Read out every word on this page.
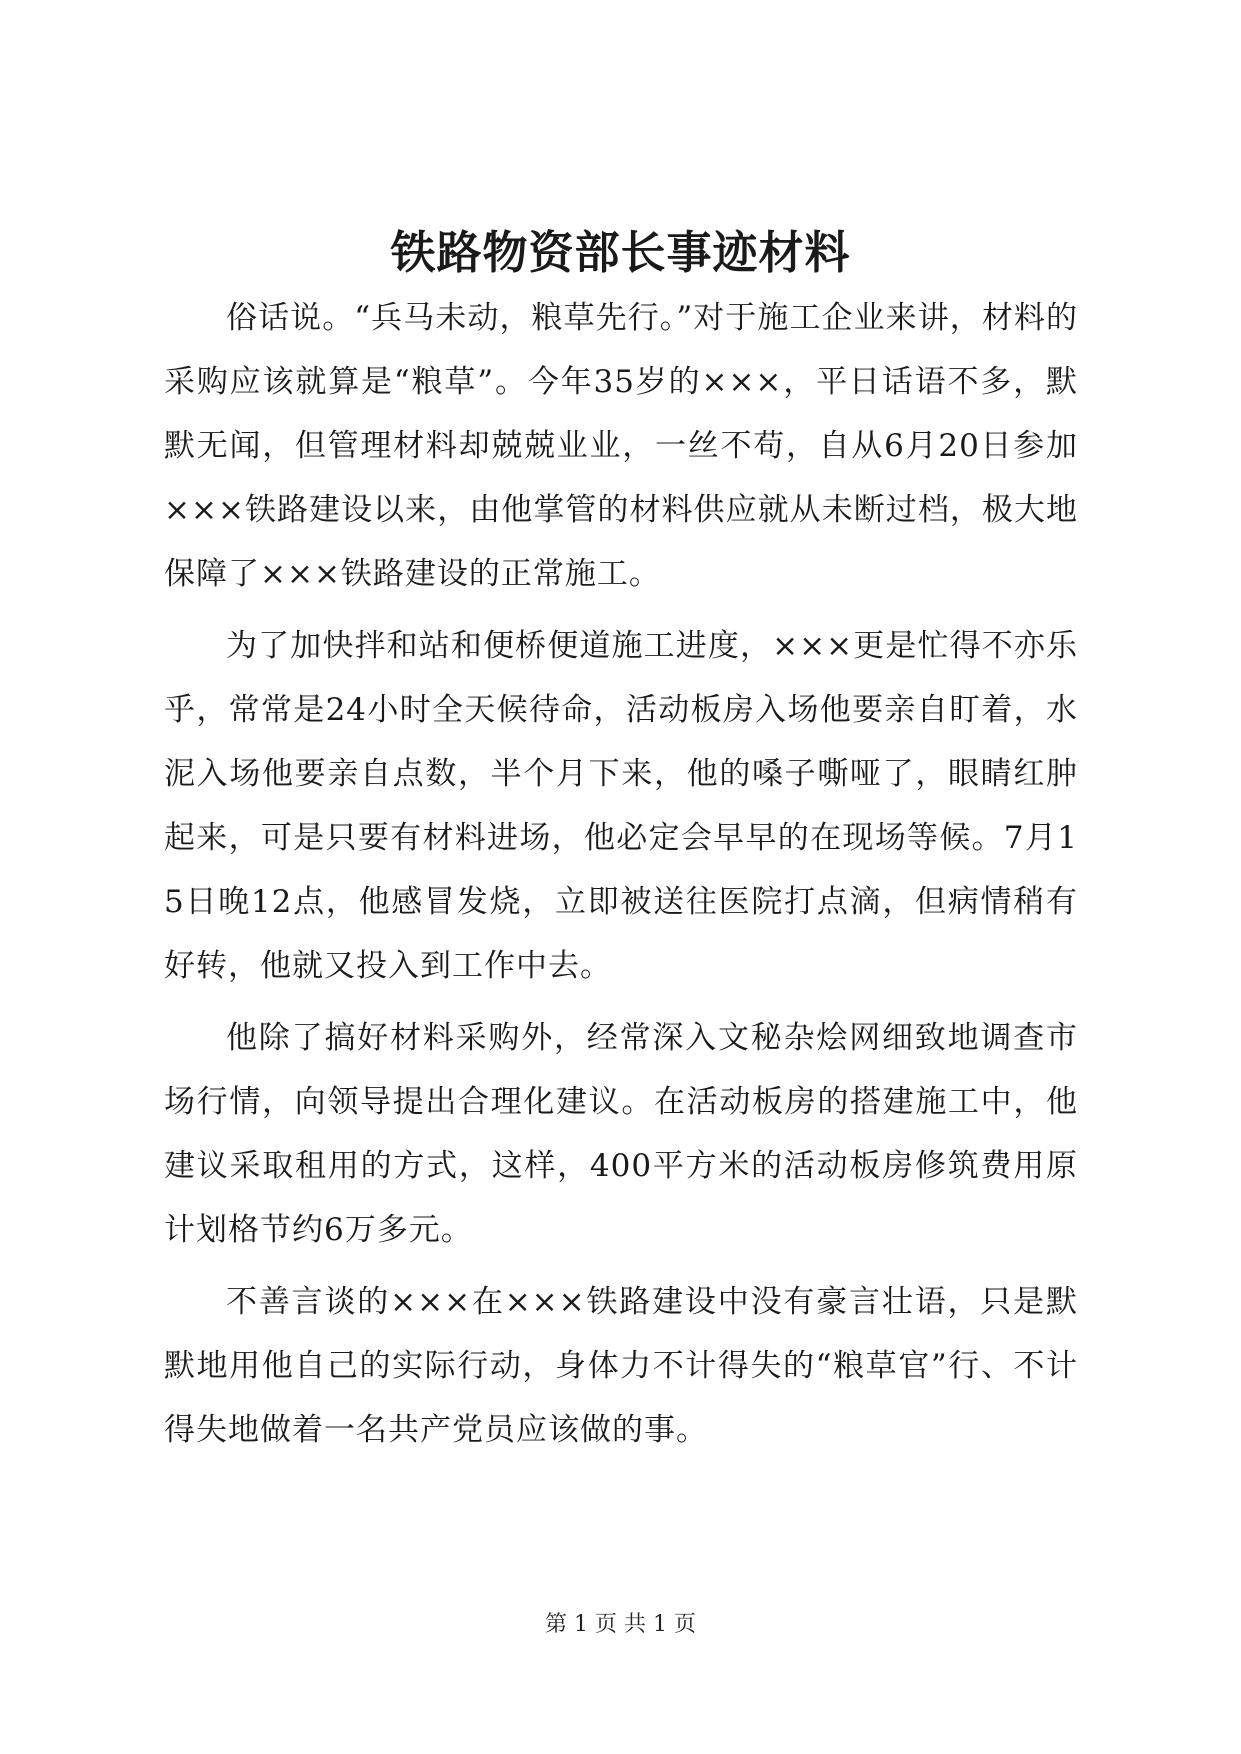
铁路物资部长事迹材料

俗话说。“兵马未动，粮草先行。”对于施工企业来讲，材料的采购应该就算是“粮草”。今年35岁的×××，平日话语不多，默默无闻，但管理材料却兢兢业业，一丝不苟，自从6月20日参加×××铁路建设以来，由他掌管的材料供应就从未断过档，极大地保障了×××铁路建设的正常施工。

为了加快拌和站和便桥便道施工进度，×××更是忙得不亦乐乎，常常是24小时全天候待命，活动板房入场他要亲自盯着，水泥入场他要亲自点数，半个月下来，他的嗓子嘶哑了，眼睛红肿起来，可是只要有材料进场，他必定会早早的在现场等候。7月15日晚12点，他感冒发烧，立即被送往医院打点滴，但病情稍有好转，他就又投入到工作中去。

他除了搞好材料采购外，经常深入文秘杂烩网细致地调查市场行情，向领导提出合理化建议。在活动板房的搭建施工中，他建议采取租用的方式，这样，400平方米的活动板房修筑费用原计划格节约6万多元。

不善言谈的×××在×××铁路建设中没有豪言壮语，只是默默地用他自己的实际行动，身体力不计得失的“粮草官”行、不计得失地做着一名共产党员应该做的事。

第 1 页 共 1 页
